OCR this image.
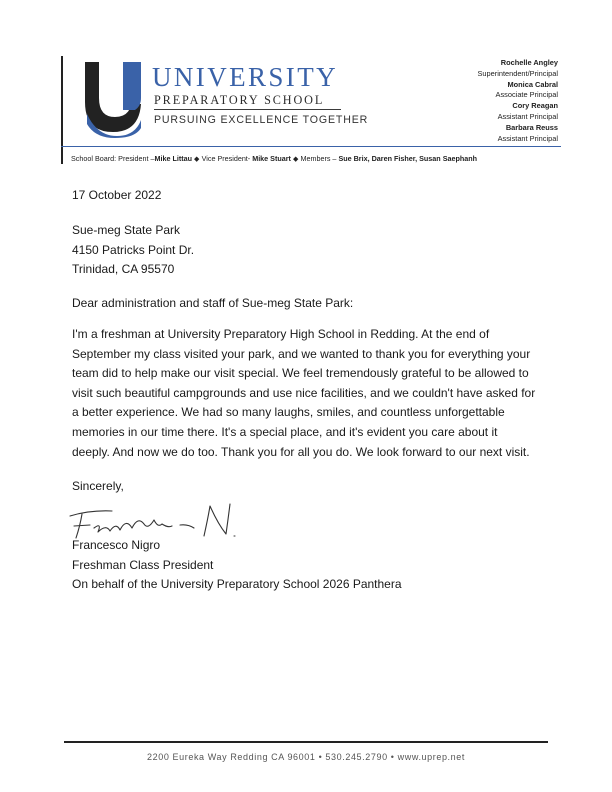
UNIVERSITY
PREPARATORY SCHOOL
PURSUING EXCELLENCE TOGETHER
Rochelle Angley
Superintendent/Principal
Monica Cabral
Associate Principal
Cory Reagan
Assistant Principal
Barbara Reuss
Assistant Principal
School Board: President –Mike Littau ◆ Vice President- Mike Stuart ◆ Members – Sue Brix, Daren Fisher, Susan Saephanh
17 October 2022
Sue-meg State Park
4150 Patricks Point Dr.
Trinidad, CA 95570
Dear administration and staff of Sue-meg State Park:
I'm a freshman at University Preparatory High School in Redding. At the end of
September my class visited your park, and we wanted to thank you for everything your
team did to help make our visit special. We feel tremendously grateful to be allowed to
visit such beautiful campgrounds and use nice facilities, and we couldn't have asked for
a better experience. We had so many laughs, smiles, and countless unforgettable
memories in our time there. It's a special place, and it's evident you care about it
deeply. And now we do too. Thank you for all you do. We look forward to our next visit.
Sincerely,
Francesco Nigro
Freshman Class President
On behalf of the University Preparatory School 2026 Panthera
2200 Eureka Way Redding CA 96001 • 530.245.2790 • www.uprep.net
